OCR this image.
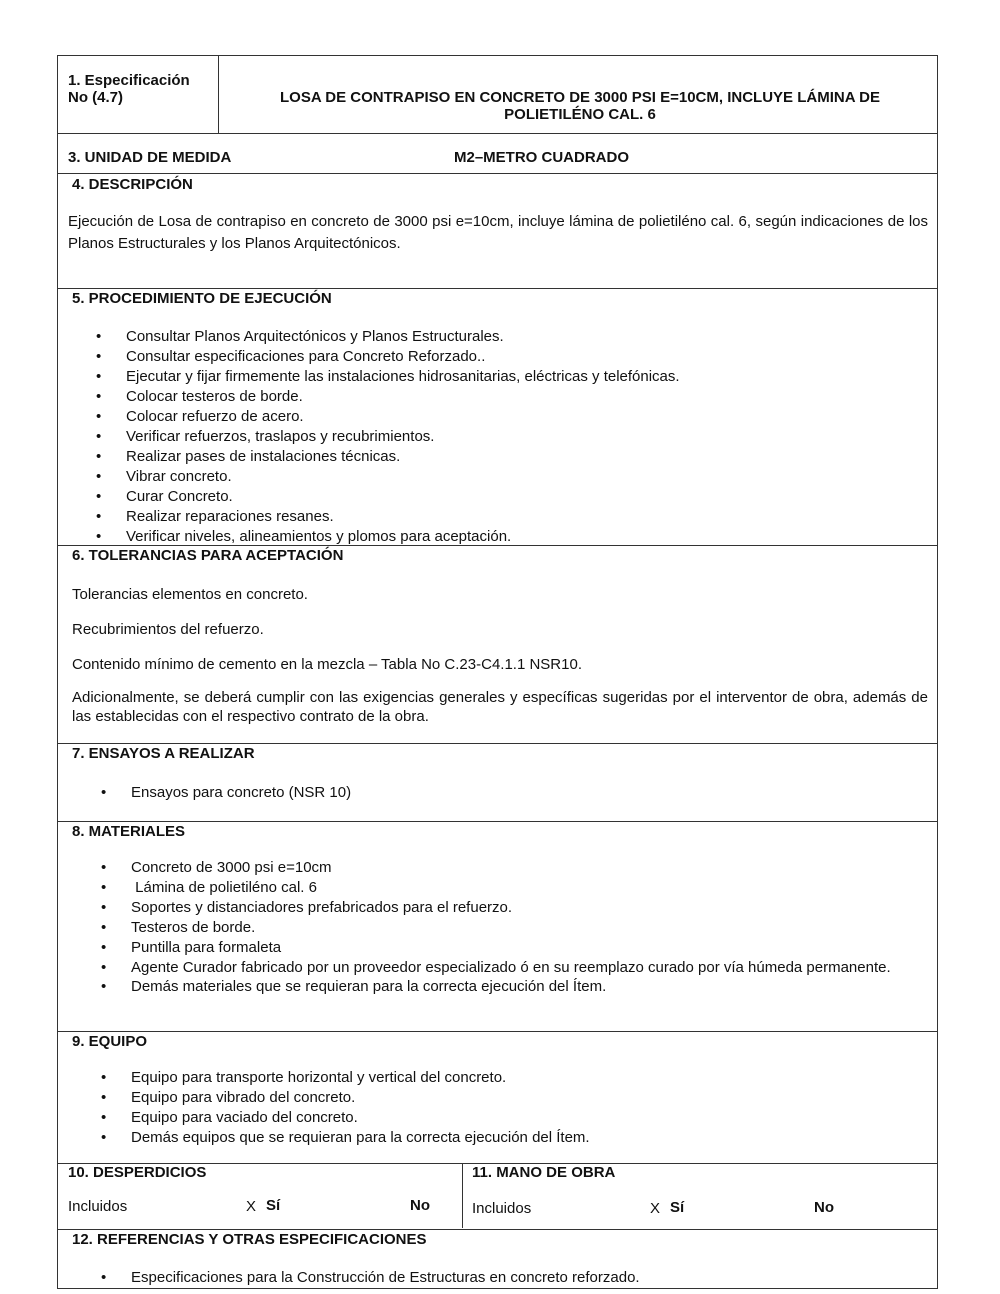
1. Especificación
No (4.7)	LOSA DE CONTRAPISO EN CONCRETO DE 3000 PSI E=10CM, INCLUYE LÁMINA DE POLIETILÉNO CAL. 6
3. UNIDAD DE MEDIDA	M2–METRO CUADRADO
4. DESCRIPCIÓN
Ejecución de Losa de contrapiso en concreto de 3000 psi e=10cm, incluye lámina de polietiléno cal. 6, según indicaciones de los Planos Estructurales y los Planos Arquitectónicos.
5. PROCEDIMIENTO DE EJECUCIÓN
• Consultar Planos Arquitectónicos y Planos Estructurales.
• Consultar especificaciones para Concreto Reforzado..
• Ejecutar y fijar firmemente las instalaciones hidrosanitarias, eléctricas y telefónicas.
• Colocar testeros de borde.
• Colocar refuerzo de acero.
• Verificar refuerzos, traslapos y recubrimientos.
• Realizar pases de instalaciones técnicas.
• Vibrar concreto.
• Curar Concreto.
• Realizar reparaciones resanes.
• Verificar niveles, alineamientos y plomos para aceptación.
6. TOLERANCIAS PARA ACEPTACIÓN
Tolerancias elementos en concreto.
Recubrimientos del refuerzo.
Contenido mínimo de cemento en la mezcla – Tabla No C.23-C4.1.1 NSR10.
Adicionalmente, se deberá cumplir con las exigencias generales y específicas sugeridas por el interventor de obra, además de las establecidas con el respectivo contrato de la obra.
7. ENSAYOS A REALIZAR
• Ensayos para concreto (NSR 10)
8. MATERIALES
• Concreto de 3000 psi e=10cm
• Lámina de polietiléno cal. 6
• Soportes y distanciadores prefabricados para el refuerzo.
• Testeros de borde.
• Puntilla para formaleta
• Agente Curador fabricado por un proveedor especializado ó en su reemplazo curado por vía húmeda permanente.
• Demás materiales que se requieran para la correcta ejecución del Ítem.
9. EQUIPO
• Equipo para transporte horizontal y vertical del concreto.
• Equipo para vibrado del concreto.
• Equipo para vaciado del concreto.
• Demás equipos que se requieran para la correcta ejecución del Ítem.
10. DESPERDICIOS
Incluidos	X Sí	No
11. MANO DE OBRA
Incluidos	X Sí	No
12. REFERENCIAS Y OTRAS ESPECIFICACIONES
• Especificaciones para la Construcción de Estructuras en concreto reforzado.
